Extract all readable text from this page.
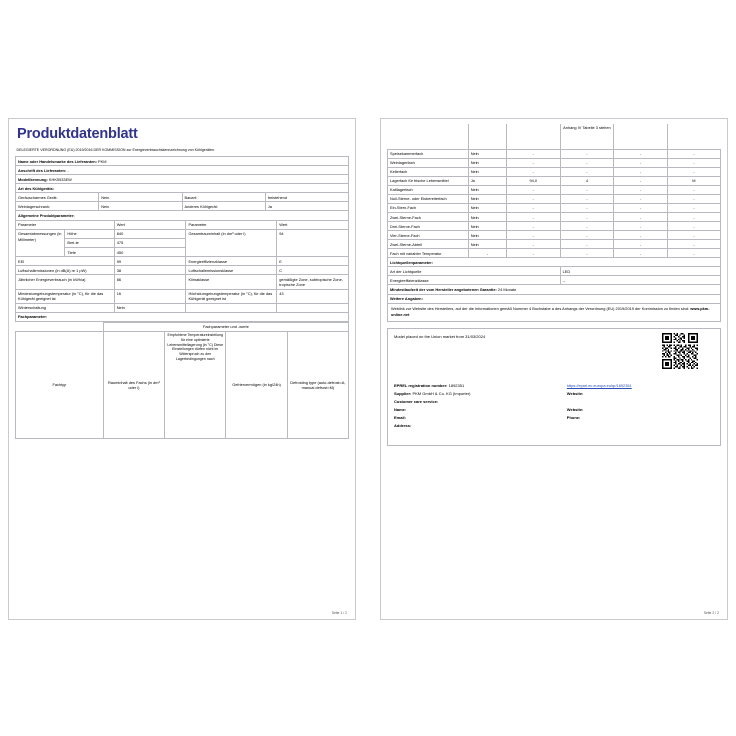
Produktdatenblatt
DELEGIERTE VERORDNUNG (EU) 2019/2016 DER KOMMISSION zur Energieverbrauchskennzeichnung von Kühlgeräten.			
Name oder Handelsmarke des Lieferanten: PKM			
Anschrift des Lieferanten: -			
Modellkennung: KHK5533EW			
Art des Kühlgeräts:			
Geräuscharmes Gerät:	Nein	Bauart:	freistehend
Weinlagerschrank:	Nein	Anderes Kühlgerät:	Ja
Allgemeine Produktparameter:			
Parameter		Wert	Parameter	Wert
Gesamtabmessungen (in Millimeter)	Höhe	840	Gesamtrauminhalt (in dm³ oder l)	94
	Brei-te	475		
	Tiefe	450		
EEI		99	Energieeffizienzklasse	E
Luftschallemissionen (in dB(A) re 1 pW)		38	Luftschallemissionsklasse	C
Jährlicher Energieverbrauch (in kWh/a)		86	Klimaklasse	gemäßigte Zone, subtropische Zone, tropische Zone
Mindestumgebungstemperatur (in °C), für die das Kühlgerät geeignet ist		16	Höchstumgebungstemperatur (in °C), für die das Kühlgerät geeignet ist	43
Winterschaltung		Nein		
Fachparameter:				
	Fachparameter und -werte			
Fachtyp	Rauminhalt des Fachs (in dm³ oder l)	Empfohlene Temperatureinstellung für eine optimierte Lebensmittellagerung (in °C) Diese Einstellungen dürfen nicht im Widerspruch zu den Lagerbedingungen nach	Gefriervermögen (in kg/24h)	Defrosting type (auto-defrost=A, manual defrost=M)
Seite 1 / 2
			Anhang IV Tabelle 3 stehen		
Speisekammerfach	Nein	-	-	-	-
Weinlagerfach	Nein	-	-	-	-
Kellerfach	Nein	-	-	-	-
Lagerfach für frische Lebensmittel	Ja	94,0	4	-	M
Kaltlagerfach	Nein	-	-	-	-
Null-Sterne- oder Eisbereiterfach	Nein	-	-	-	-
Ein-Stern-Fach	Nein	-	-	-	-
Zwei-Sterne-Fach	Nein	-	-	-	-
Drei-Sterne-Fach	Nein	-	-	-	-
Vier-Sterne-Fach	Nein	-	-	-	-
Zwei-Sterne-Abteil	Nein	-	-	-	-
Fach mit variabler Temperatur	-	-	-	-	-
Lichtquellenparameter:					
Art der Lichtquelle			LED		
Energieeffizienzklasse			--		
Mindestlaufzeit der vom Hersteller angebotenen Garantie: 24 Monate					
Weitere Angaben:					
Weblink zur Website des Herstellers, auf der die Informationen gemäß Nummer 4 Buchstabe a des Anhangs der Verordnung (EU) 2019/2019 der Kommission zu finden sind: www.pkm-online.net					
Model placed on the Union market from 31/03/2024
EPREL registration number: 1892351	https://eprel.ec.europa.eu/qr/1892351
Supplier: PKM GmbH & Co. KG (Importer)	Website:
Customer care service:
Name:	Website:
Email:	Phone:
Address:
Seite 2 / 2
